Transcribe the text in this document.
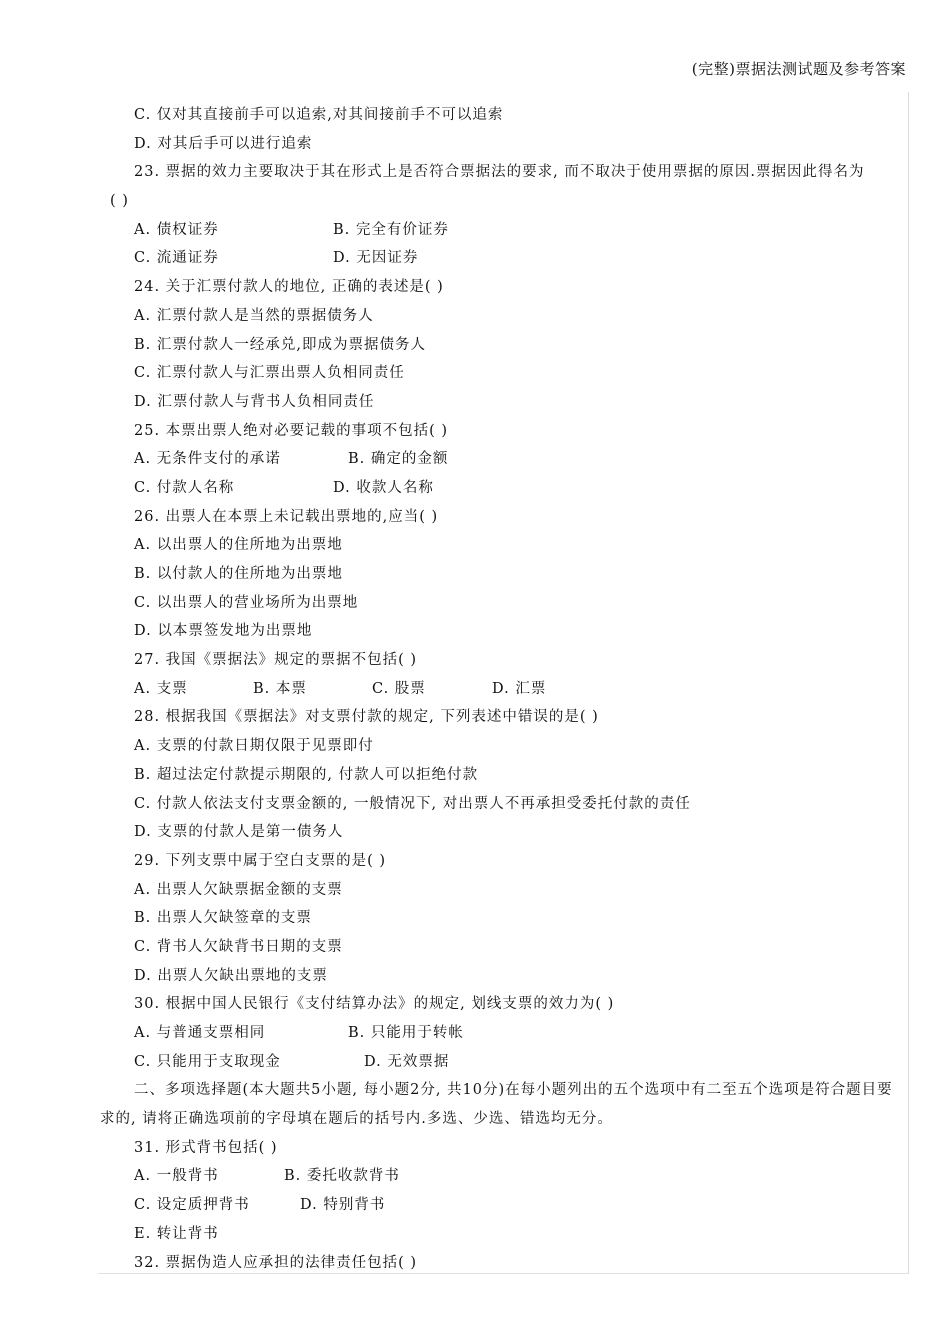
(完整)票据法测试题及参考答案
C. 仅对其直接前手可以追索,对其间接前手不可以追索
D. 对其后手可以进行追索
23. 票据的效力主要取决于其在形式上是否符合票据法的要求, 而不取决于使用票据的原因.票据因此得名为
( )
A. 债权证券	B. 完全有价证券
C. 流通证券	D. 无因证券
24. 关于汇票付款人的地位, 正确的表述是( )
A. 汇票付款人是当然的票据债务人
B. 汇票付款人一经承兑,即成为票据债务人
C. 汇票付款人与汇票出票人负相同责任
D. 汇票付款人与背书人负相同责任
25. 本票出票人绝对必要记载的事项不包括( )
A. 无条件支付的承诺	B. 确定的金额
C. 付款人名称	D. 收款人名称
26. 出票人在本票上未记载出票地的,应当( )
A. 以出票人的住所地为出票地
B. 以付款人的住所地为出票地
C. 以出票人的营业场所为出票地
D. 以本票签发地为出票地
27. 我国《票据法》规定的票据不包括( )
A. 支票	B. 本票	C. 股票	D. 汇票
28. 根据我国《票据法》对支票付款的规定, 下列表述中错误的是( )
A. 支票的付款日期仅限于见票即付
B. 超过法定付款提示期限的, 付款人可以拒绝付款
C. 付款人依法支付支票金额的, 一般情况下, 对出票人不再承担受委托付款的责任
D. 支票的付款人是第一债务人
29. 下列支票中属于空白支票的是( )
A. 出票人欠缺票据金额的支票
B. 出票人欠缺签章的支票
C. 背书人欠缺背书日期的支票
D. 出票人欠缺出票地的支票
30. 根据中国人民银行《支付结算办法》的规定, 划线支票的效力为( )
A. 与普通支票相同	B. 只能用于转帐
C. 只能用于支取现金	D. 无效票据
二、多项选择题(本大题共5小题, 每小题2分, 共10分)在每小题列出的五个选项中有二至五个选项是符合题目要求的, 请将正确选项前的字母填在题后的括号内.多选、少选、错选均无分。
31. 形式背书包括( )
A. 一般背书	B. 委托收款背书
C. 设定质押背书	D. 特别背书
E. 转让背书
32. 票据伪造人应承担的法律责任包括( )
